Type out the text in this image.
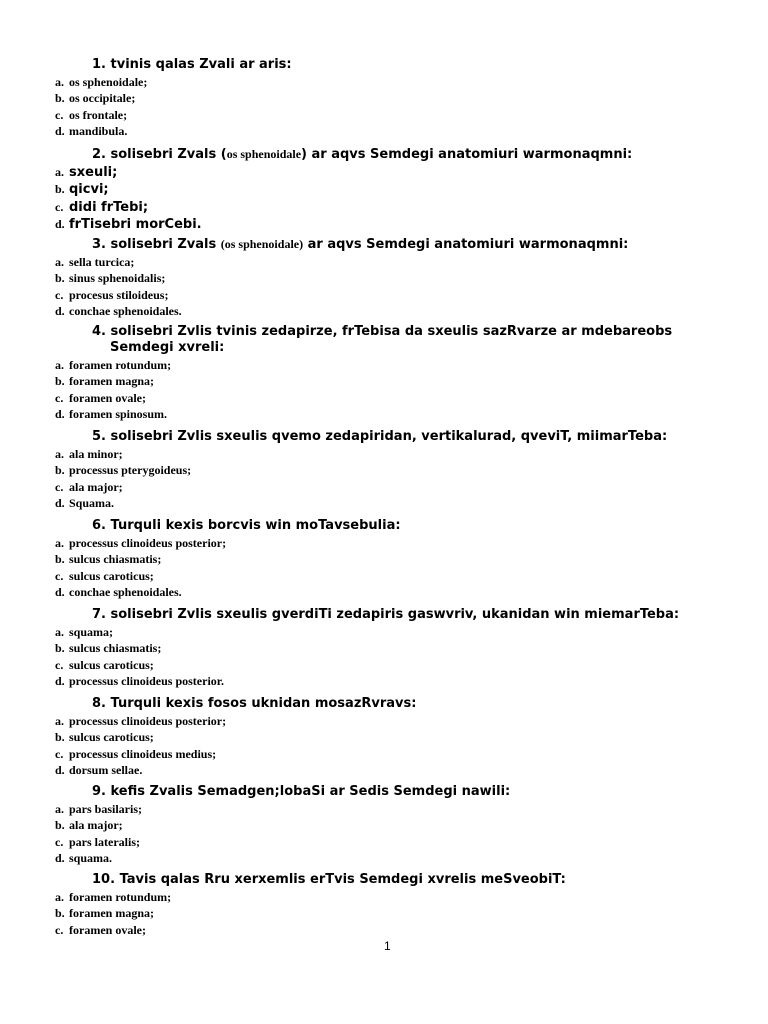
1. tvinis qalas Zvali ar aris:
a. os sphenoidale;
b. os occipitale;
c. os frontale;
d. mandibula.
2. solisebri Zvals (os sphenoidale) ar aqvs Semdegi anatomiuri warmonaqmni:
a. sxeuli;
b. qicvi;
c. didi frTebi;
d. frTisebri morCebi.
3. solisebri Zvals (os sphenoidale) ar aqvs Semdegi anatomiuri warmonaqmni:
a. sella turcica;
b. sinus sphenoidalis;
c. procesus stiloideus;
d. conchae sphenoidales.
4. solisebri Zvlis tvinis zedapirze, frTebisa da sxeulis sazRvarze ar mdebareobs
Semdegi xvreli:
a. foramen rotundum;
b. foramen magna;
c. foramen ovale;
d. foramen spinosum.
5. solisebri Zvlis sxeulis qvemo zedapiridan, vertikalurad, qveviT, miimarTeba:
a. ala minor;
b. processus pterygoideus;
c. ala major;
d. Squama.
6. Turquli kexis borcvis win moTavsebulia:
a. processus clinoideus posterior;
b. sulcus chiasmatis;
c. sulcus caroticus;
d. conchae sphenoidales.
7. solisebri Zvlis sxeulis gverdiTi zedapiris gaswvriv, ukanidan win miemarTeba:
a. squama;
b. sulcus chiasmatis;
c. sulcus caroticus;
d. processus clinoideus posterior.
8. Turquli kexis fosos uknidan mosazRvravs:
a. processus clinoideus posterior;
b. sulcus caroticus;
c. processus clinoideus medius;
d. dorsum sellae.
9. kefis Zvalis Semadgen;lobaSi ar Sedis Semdegi nawili:
a. pars basilaris;
b. ala major;
c. pars lateralis;
d. squama.
10. Tavis qalas Rru xerxemlis erTvis Semdegi xvrelis meSveobiT:
a. foramen rotundum;
b. foramen magna;
c. foramen ovale;
1
